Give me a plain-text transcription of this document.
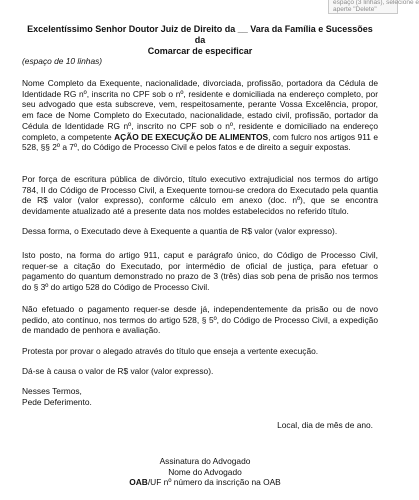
espaço (3 linhas), selecione e
aperte "Delete"
Excelentíssimo Senhor Doutor Juiz de Direito da __ Vara da Família e Sucessões da
Comarcar de especificar
(espaço de 10 linhas)
Nome Completo da Exequente, nacionalidade, divorciada, profissão, portadora da Cédula de Identidade RG nº, inscrita no CPF sob o nº, residente e domiciliada na endereço completo, por seu advogado que esta subscreve, vem, respeitosamente, perante Vossa Excelência, propor, em face de Nome Completo do Executado, nacionalidade, estado civil, profissão, portador da Cédula de Identidade RG nº, inscrito no CPF sob o nº, residente e domiciliado na endereço completo, a competente AÇÃO DE EXECUÇÃO DE ALIMENTOS, com fulcro nos artigos 911 e 528, §§ 2º a 7º, do Código de Processo Civil e pelos fatos e de direito a seguir expostas.
Por força de escritura pública de divórcio, título executivo extrajudicial nos termos do artigo 784, II do Código de Processo Civil, a Exequente tornou-se credora do Executado pela quantia de R$ valor (valor expresso), conforme cálculo em anexo (doc. nº), que se encontra devidamente atualizado até a presente data nos moldes estabelecidos no referido título.
Dessa forma, o Executado deve à Exequente a quantia de R$ valor (valor expresso).
Isto posto, na forma do artigo 911, caput e parágrafo único, do Código de Processo Civil, requer-se a citação do Executado, por intermédio de oficial de justiça, para efetuar o pagamento do quantum demonstrado no prazo de 3 (três) dias sob pena de prisão nos termos do § 3º do artigo 528 do Código de Processo Civil.
Não efetuado o pagamento requer-se desde já, independentemente da prisão ou de novo pedido, ato contínuo, nos termos do artigo 528, § 5º, do Código de Processo Civil, a expedição de mandado de penhora e avaliação.
Protesta por provar o alegado através do título que enseja a vertente execução.
Dá-se à causa o valor de R$ valor (valor expresso).
Nesses Termos,
Pede Deferimento.
Local, dia de mês de ano.
Assinatura do Advogado
Nome do Advogado
OAB/UF nº número da inscrição na OAB
